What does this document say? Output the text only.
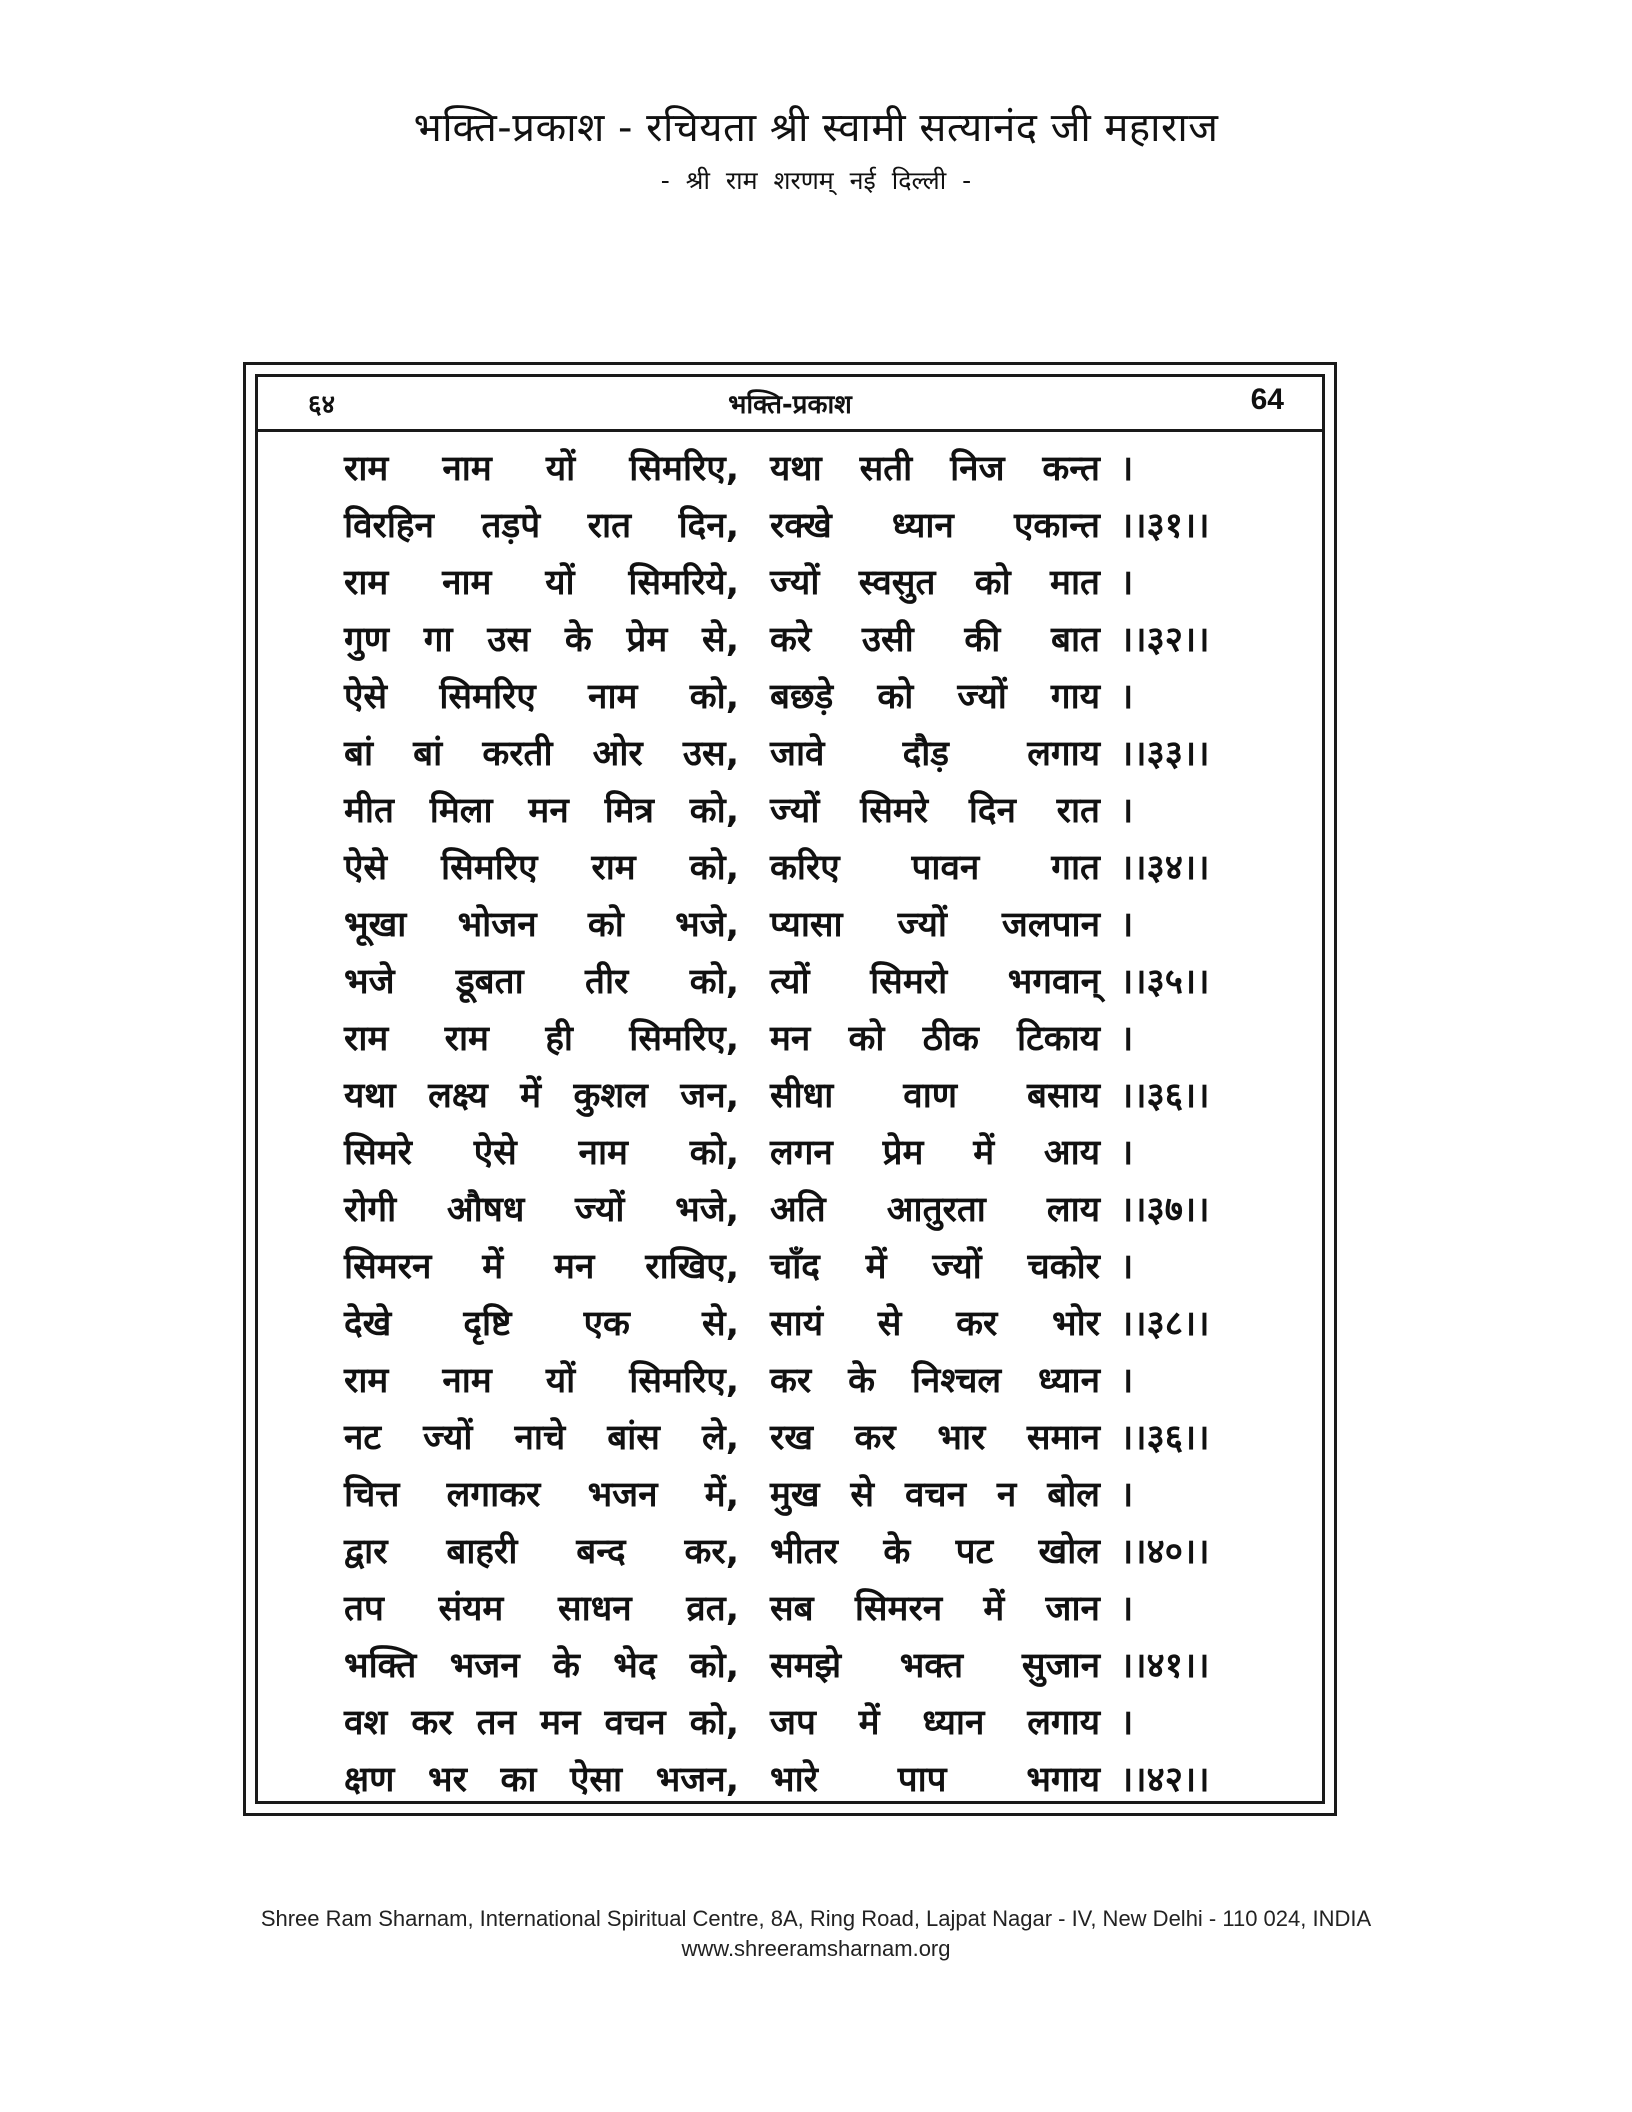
भक्ति-प्रकाश - रचियता श्री स्वामी सत्यानंद जी महाराज
- श्री राम शरणम् नई दिल्ली -
६४	भक्ति-प्रकाश	64
राम नाम यों सिमरिए, यथा सती निज कन्त ।
विरहिन तड़पे रात दिन, रक्खे ध्यान एकान्त ।।३१।।
राम नाम यों सिमरिये, ज्यों स्वसुत को मात ।
गुण गा उस के प्रेम से, करे उसी की बात ।।३२।।
ऐसे सिमरिए नाम को, बछड़े को ज्यों गाय ।
बां बां करती ओर उस, जावे दौड़ लगाय ।।३३।।
मीत मिला मन मित्र को, ज्यों सिमरे दिन रात ।
ऐसे सिमरिए राम को, करिए पावन गात ।।३४।।
भूखा भोजन को भजे, प्यासा ज्यों जलपान ।
भजे डूबता तीर को, त्यों सिमरो भगवान् ।।३५।।
राम राम ही सिमरिए, मन को ठीक टिकाय ।
यथा लक्ष्य में कुशल जन, सीधा वाण बसाय ।।३६।।
सिमरे ऐसे नाम को, लगन प्रेम में आय ।
रोगी औषध ज्यों भजे, अति आतुरता लाय ।।३७।।
सिमरन में मन राखिए, चाँद में ज्यों चकोर ।
देखे दृष्टि एक से, सायं से कर भोर ।।३८।।
राम नाम यों सिमरिए, कर के निश्चल ध्यान ।
नट ज्यों नाचे बांस ले, रख कर भार समान ।।३६।।
चित्त लगाकर भजन में, मुख से वचन न बोल ।
द्वार बाहरी बन्द कर, भीतर के पट खोल ।।४०।।
तप संयम साधन व्रत, सब सिमरन में जान ।
भक्ति भजन के भेद को, समझे भक्त सुजान ।।४१।।
वश कर तन मन वचन को, जप में ध्यान लगाय ।
क्षण भर का ऐसा भजन, भारे पाप भगाय ।।४२।।
Shree Ram Sharnam, International Spiritual Centre, 8A, Ring Road, Lajpat Nagar - IV, New Delhi - 110 024, INDIA
www.shreeramsharnam.org
